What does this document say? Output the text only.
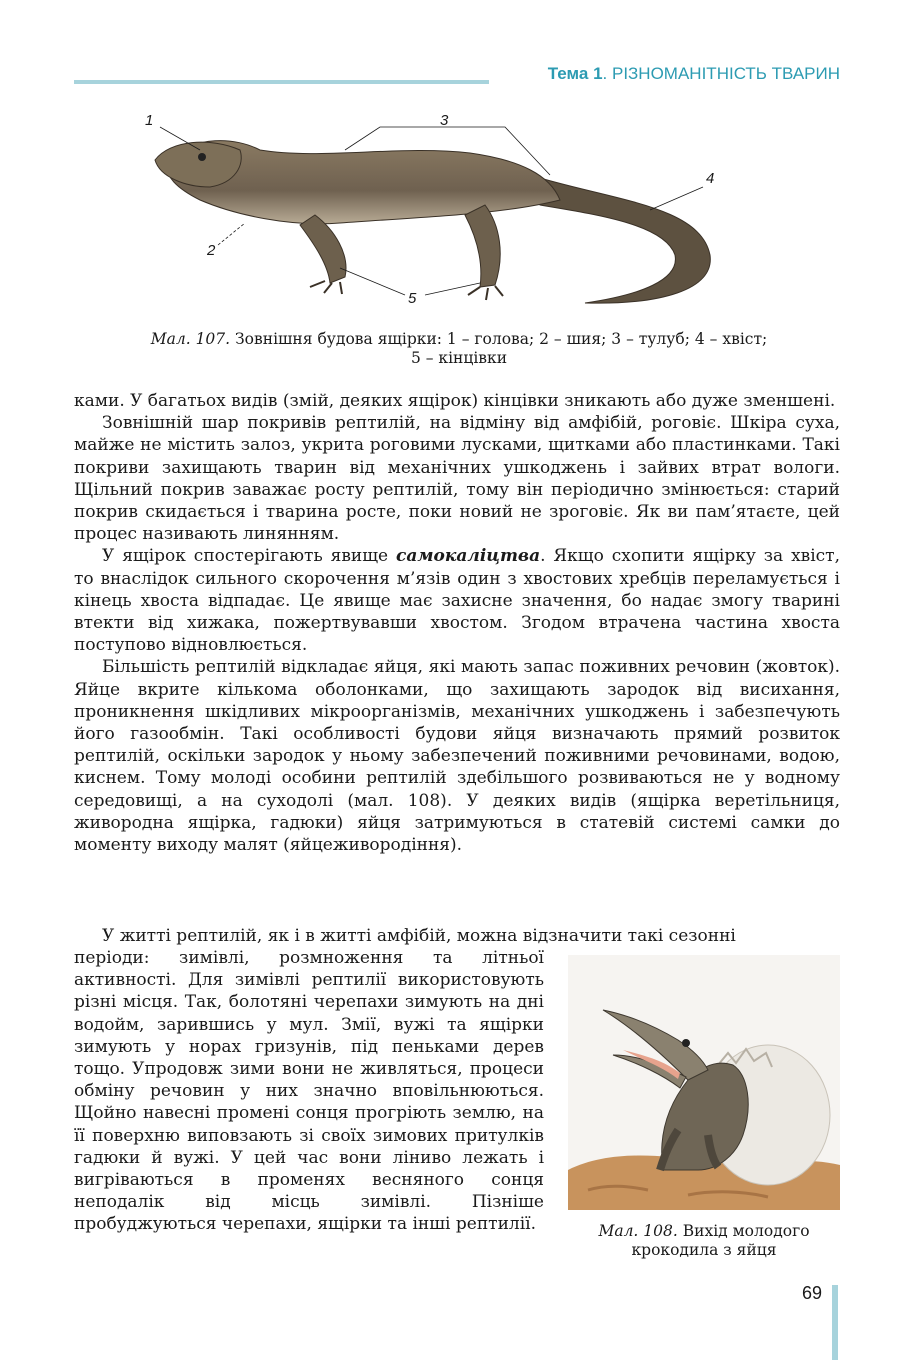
Тема 1. РІЗНОМАНІТНІСТЬ ТВАРИН
1
2
3
4
5
Мал. 107. Зовнішня будова ящірки: 1 – голова; 2 – шия; 3 – тулуб; 4 – хвіст;
5 – кінцівки

ками. У багатьох видів (змій, деяких ящірок) кінцівки зникають або дуже зменшені.

Зовнішній шар покривів рептилій, на відміну від амфібій, роговіє. Шкіра суха, майже не містить залоз, укрита роговими лусками, щитками або пластинками. Такі покриви захищають тварин від механічних ушкоджень і зайвих втрат вологи. Щільний покрив заважає росту рептилій, тому він періодично змінюється: старий покрив скидається і тварина росте, поки новий не зроговіє. Як ви пам’ятаєте, цей процес називають линянням.

У ящірок спостерігають явище самокаліцтва. Якщо схопити ящірку за хвіст, то внаслідок сильного скорочення м’язів один з хвостових хребців переламується і кінець хвоста відпадає. Це явище має захисне значення, бо надає змогу тварині втекти від хижака, пожертвувавши хвостом. Згодом втрачена частина хвоста поступово відновлюється.

Більшість рептилій відкладає яйця, які мають запас поживних речовин (жовток). Яйце вкрите кількома оболонками, що захищають зародок від висихання, проникнення шкідливих мікроорганізмів, механічних ушкоджень і забезпечують його газообмін. Такі особливості будови яйця визначають прямий розвиток рептилій, оскільки зародок у ньому забезпечений поживними речовинами, водою, киснем. Тому молоді особини рептилій здебільшого розвиваються не у водному середовищі, а на суходолі (мал. 108). У деяких видів (ящірка веретільниця, живородна ящірка, гадюки) яйця затримуються в статевій системі самки до моменту виходу малят (яйцеживородіння).

У житті рептилій, як і в житті амфібій, можна відзначити такі сезонні

періоди: зимівлі, розмноження та літньої активності. Для зимівлі рептилії використовують різні місця. Так, болотяні черепахи зимують на дні водойм, зарившись у мул. Змії, вужі та ящірки зимують у норах гризунів, під пеньками дерев тощо. Упродовж зими вони не живляться, процеси обміну речовин у них значно вповільнюються. Щойно навесні промені сонця прогріють землю, на її поверхню виповзають зі своїх зимових притулків гадюки й вужі. У цей час вони ліниво лежать і вигріваються в променях весняного сонця неподалік від місць зимівлі. Пізніше пробуджуються черепахи, ящірки та інші рептилії.	Мал. 108. Вихід молодого крокодила з яйця
69
